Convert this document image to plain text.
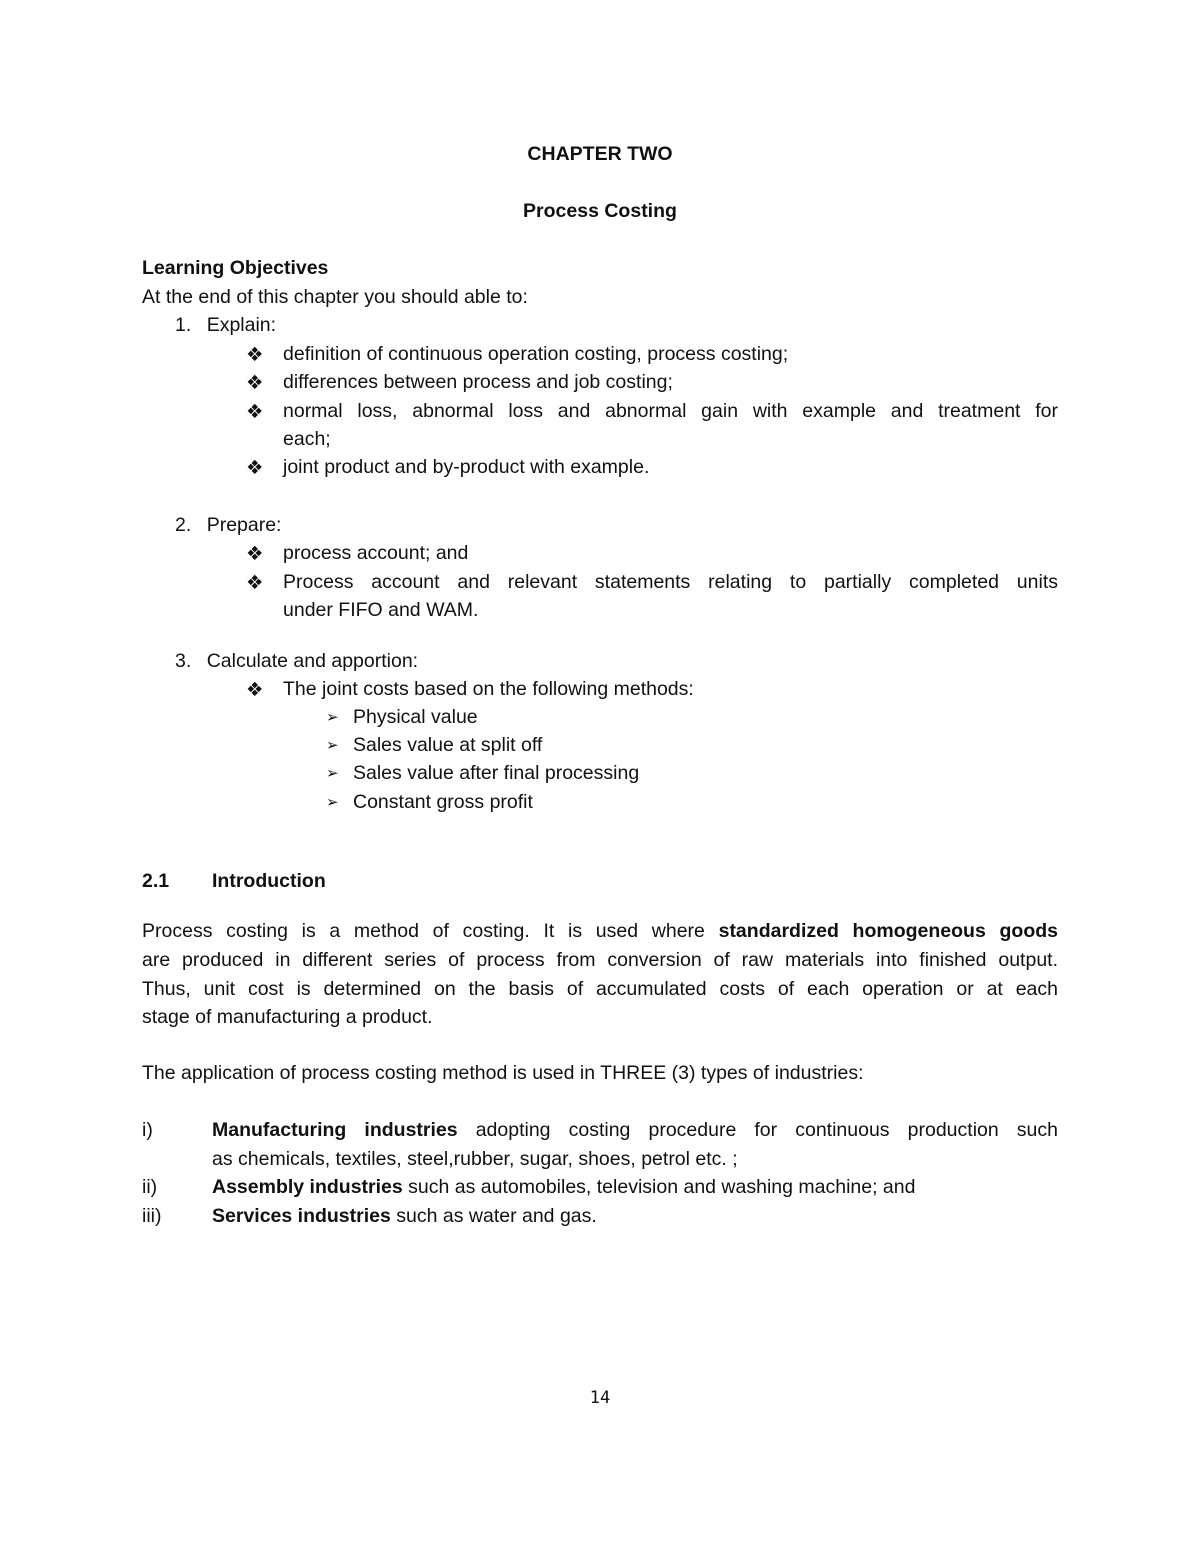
CHAPTER TWO
Process Costing
Learning Objectives
At the end of this chapter you should able to:
1. Explain:
❖ definition of continuous operation costing, process costing;
❖ differences between process and job costing;
❖ normal loss, abnormal loss and abnormal gain with example and treatment for
each;
❖ joint product and by-product with example.
2. Prepare:
❖ process account; and
❖ Process account and relevant statements relating to partially completed units
under FIFO and WAM.
3. Calculate and apportion:
❖ The joint costs based on the following methods:
➢ Physical value
➢ Sales value at split off
➢ Sales value after final processing
➢ Constant gross profit
2.1 Introduction
Process costing is a method of costing. It is used where standardized homogeneous goods
are produced in different series of process from conversion of raw materials into finished output.
Thus, unit cost is determined on the basis of accumulated costs of each operation or at each
stage of manufacturing a product.
The application of process costing method is used in THREE (3) types of industries:
i)	Manufacturing industries adopting costing procedure for continuous production such
as chemicals, textiles, steel,rubber, sugar, shoes, petrol etc. ;
ii)	Assembly industries such as automobiles, television and washing machine; and
iii)	Services industries such as water and gas.
14
